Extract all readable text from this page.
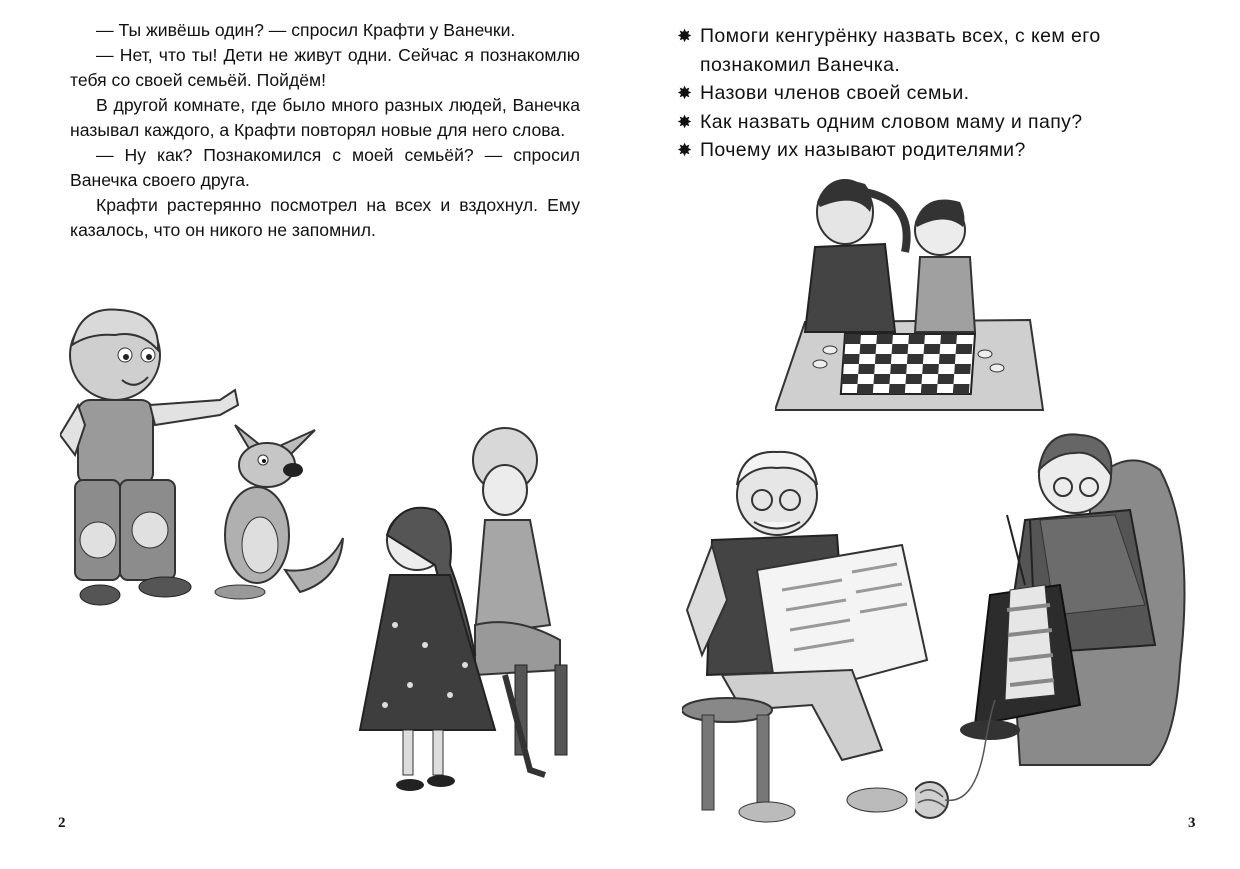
— Ты живёшь один? — спросил Крафти у Ванечки.

— Нет, что ты! Дети не живут одни. Сейчас я познакомлю тебя со своей семьёй. Пойдём!

В другой комнате, где было много разных людей, Ванечка называл каждого, а Крафти повторял новые для него слова.

— Ну как? Познакомился с моей семьёй? — спросил Ванечка своего друга.

Крафти растерянно посмотрел на всех и вздохнул. Ему казалось, что он никого не запомнил.

2
✸ Помоги кенгурёнку назвать всех, с кем его познакомил Ванечка.
✸ Назови членов своей семьи.
✸ Как назвать одним словом маму и папу?
✸ Почему их называют родителями?
3
